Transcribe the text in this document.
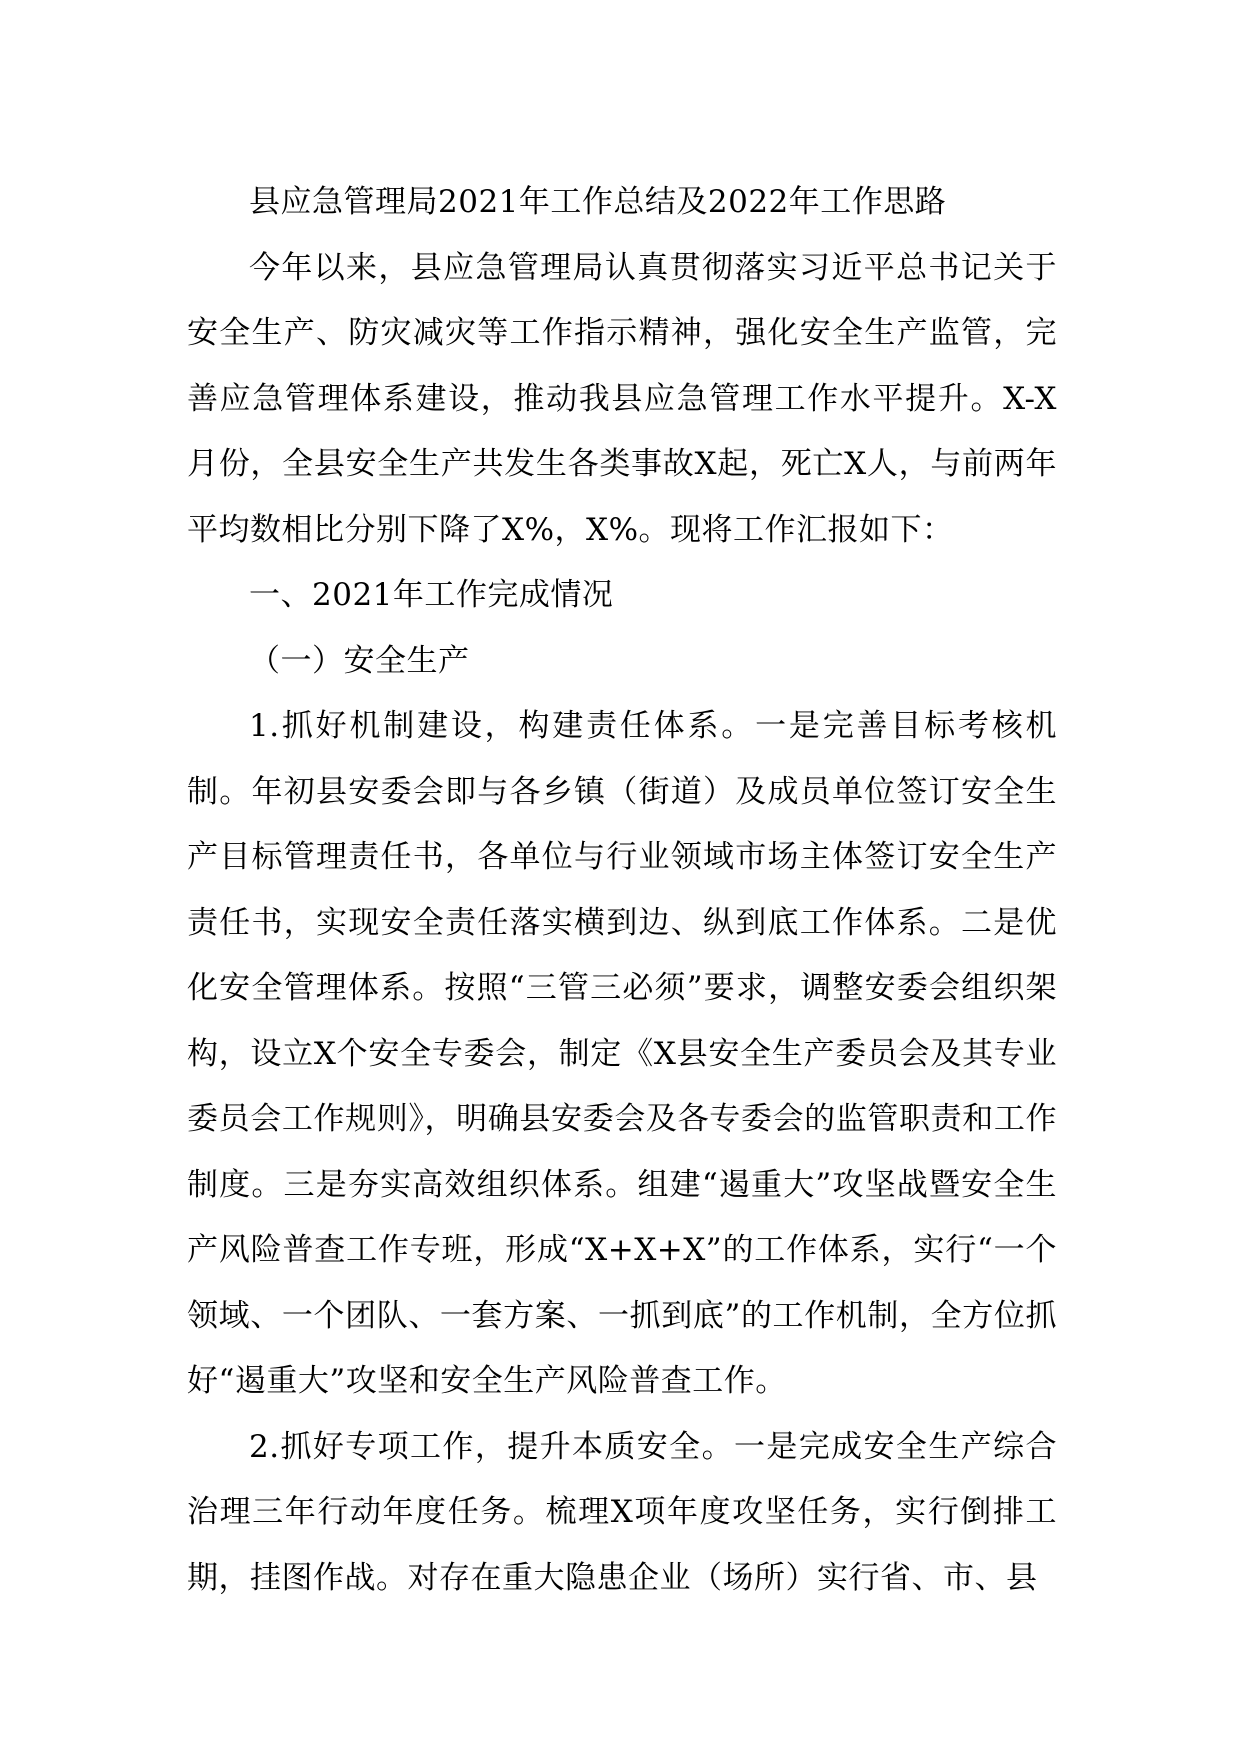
县应急管理局2021年工作总结及2022年工作思路

今年以来，县应急管理局认真贯彻落实习近平总书记关于安全生产、防灾减灾等工作指示精神，强化安全生产监管，完善应急管理体系建设，推动我县应急管理工作水平提升。X-X月份，全县安全生产共发生各类事故X起，死亡X人，与前两年平均数相比分别下降了X%，X%。现将工作汇报如下：

一、2021年工作完成情况

（一）安全生产

1.抓好机制建设，构建责任体系。一是完善目标考核机制。年初县安委会即与各乡镇（街道）及成员单位签订安全生产目标管理责任书，各单位与行业领域市场主体签订安全生产责任书，实现安全责任落实横到边、纵到底工作体系。二是优化安全管理体系。按照“三管三必须”要求，调整安委会组织架构，设立X个安全专委会，制定《X县安全生产委员会及其专业委员会工作规则》，明确县安委会及各专委会的监管职责和工作制度。三是夯实高效组织体系。组建“遏重大”攻坚战暨安全生产风险普查工作专班，形成“X+X+X”的工作体系，实行“一个领域、一个团队、一套方案、一抓到底”的工作机制，全方位抓好“遏重大”攻坚和安全生产风险普查工作。

2.抓好专项工作，提升本质安全。一是完成安全生产综合治理三年行动年度任务。梳理X项年度攻坚任务，实行倒排工期，挂图作战。对存在重大隐患企业（场所）实行省、市、县
